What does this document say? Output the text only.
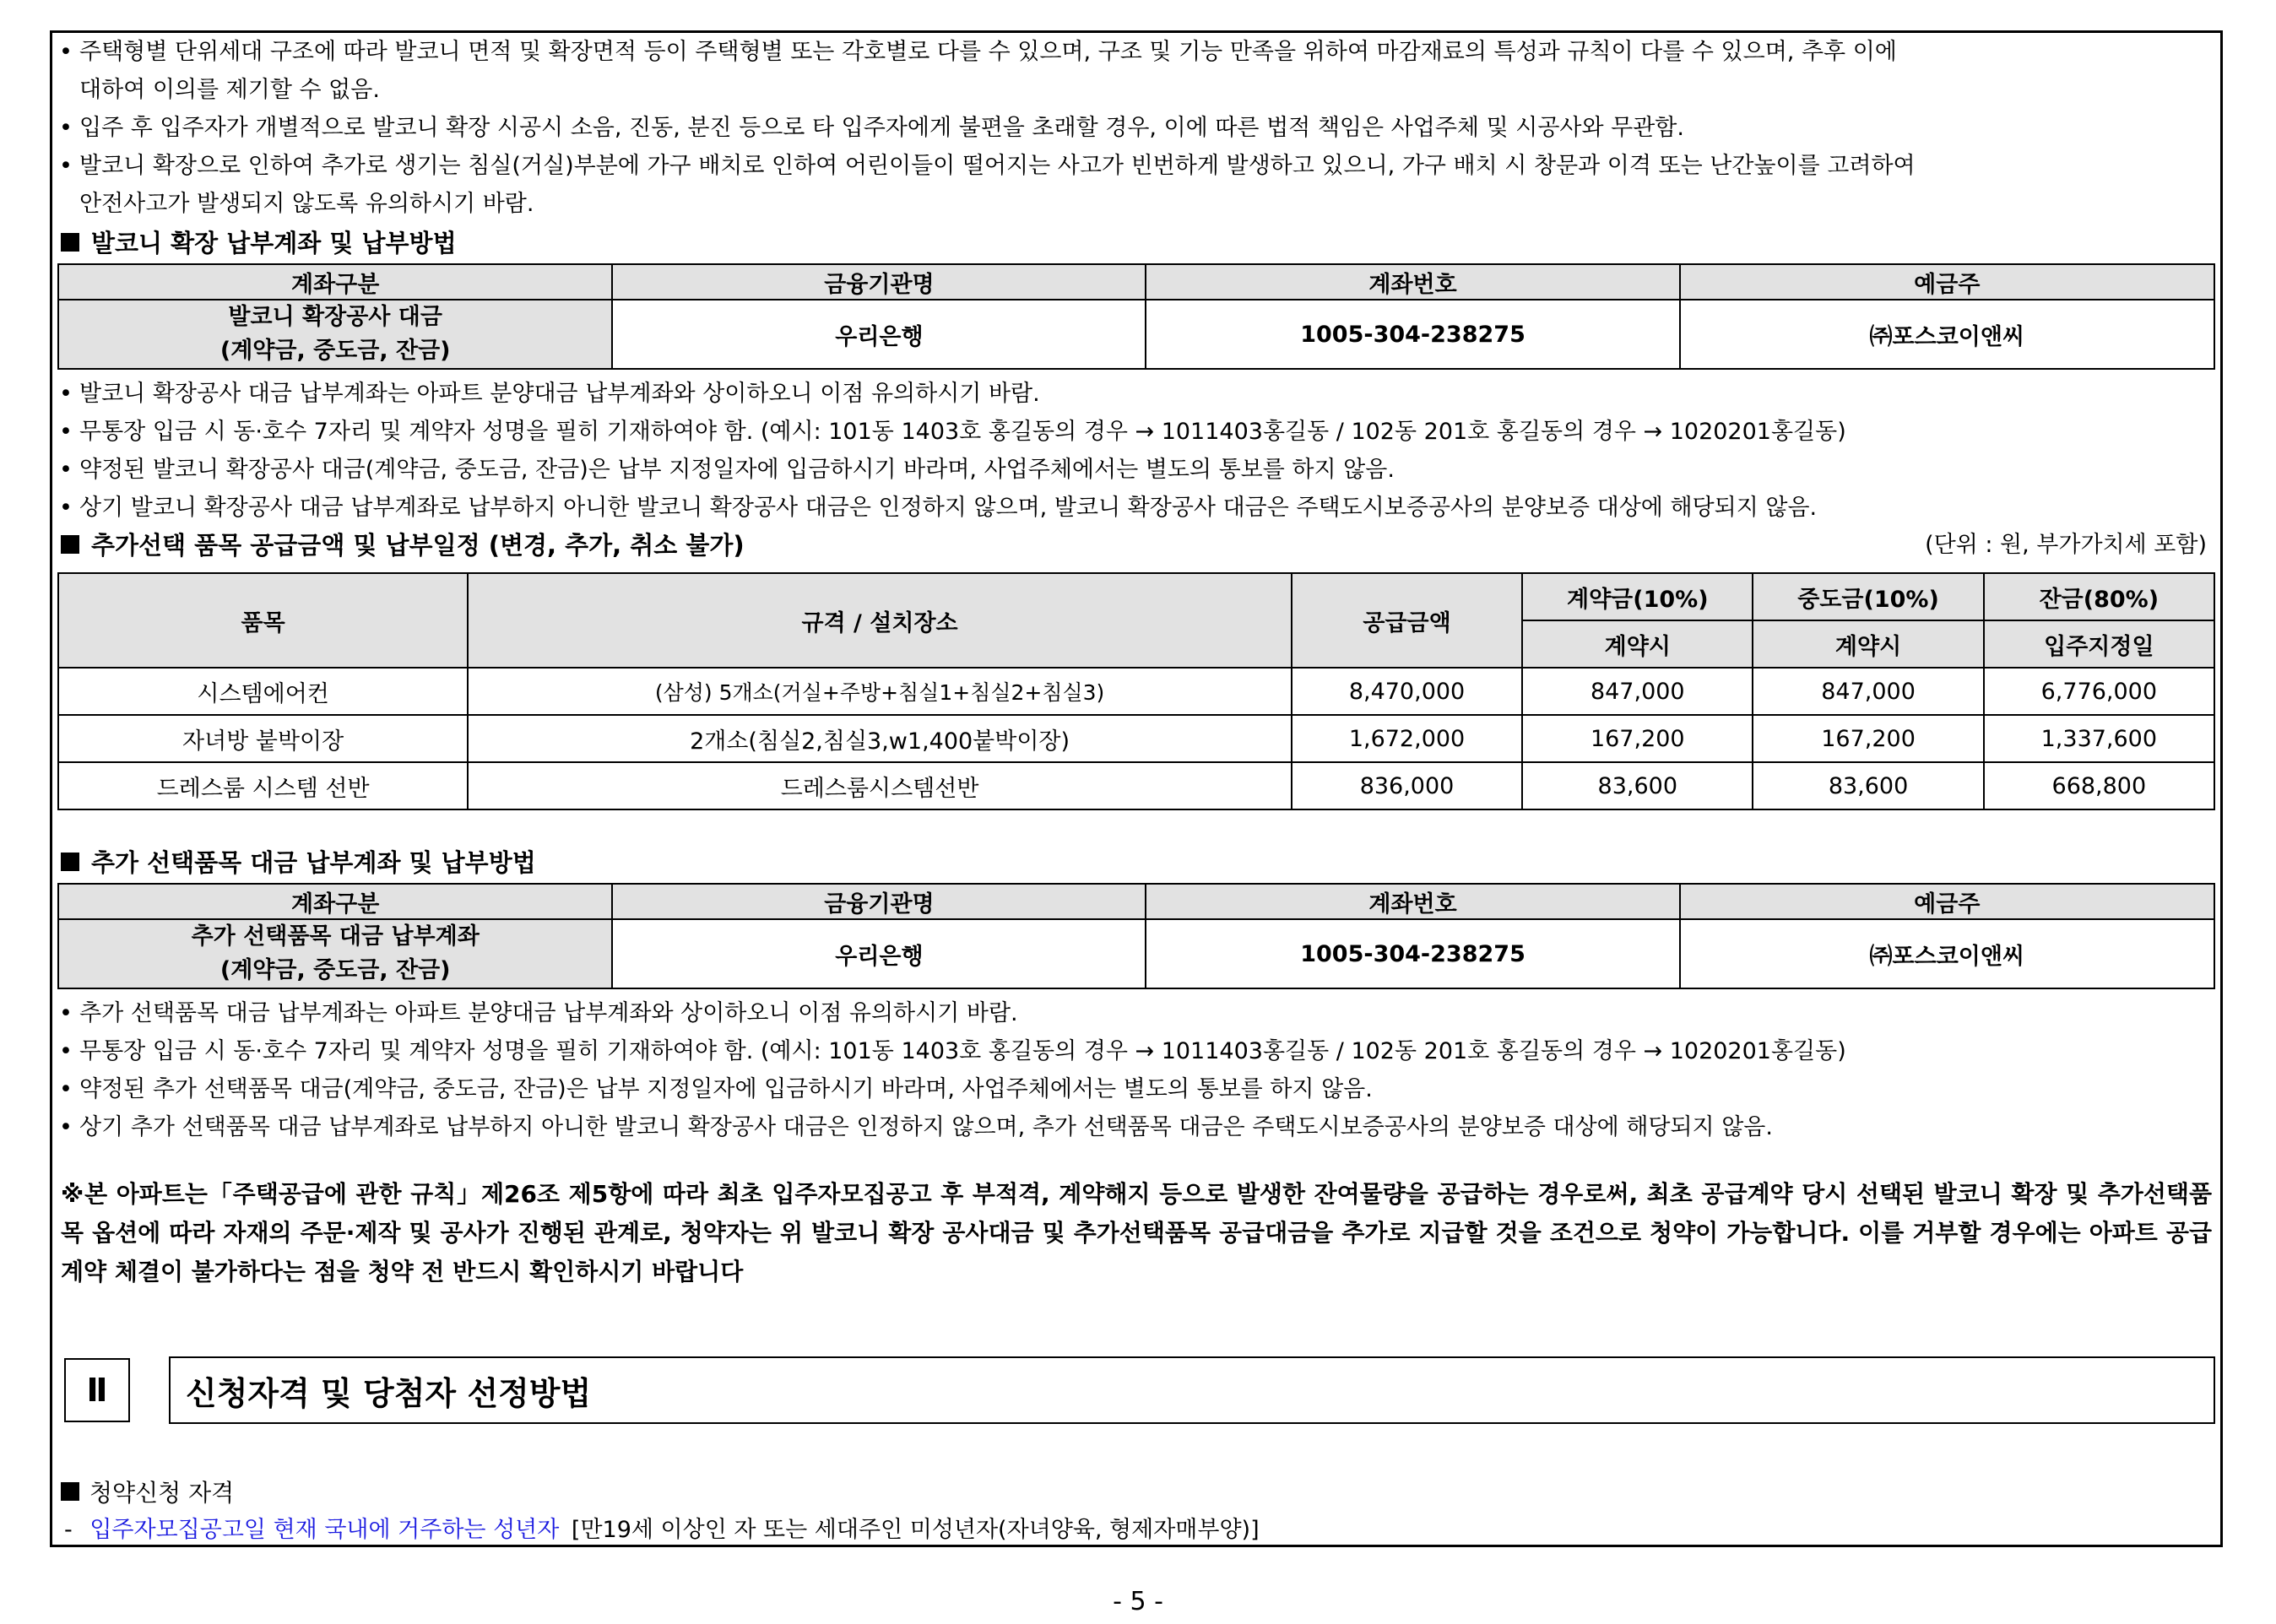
• 주택형별 단위세대 구조에 따라 발코니 면적 및 확장면적 등이 주택형별 또는 각호별로 다를 수 있으며, 구조 및 기능 만족을 위하여 마감재료의 특성과 규칙이 다를 수 있으며, 추후 이에
대하여 이의를 제기할 수 없음.
• 입주 후 입주자가 개별적으로 발코니 확장 시공시 소음, 진동, 분진 등으로 타 입주자에게 불편을 초래할 경우, 이에 따른 법적 책임은 사업주체 및 시공사와 무관함.
• 발코니 확장으로 인하여 추가로 생기는 침실(거실)부분에 가구 배치로 인하여 어린이들이 떨어지는 사고가 빈번하게 발생하고 있으니, 가구 배치 시 창문과 이격 또는 난간높이를 고려하여
안전사고가 발생되지 않도록 유의하시기 바람.
발코니 확장 납부계좌 및 납부방법
계좌구분	금융기관명	계좌번호	예금주

발코니 확장공사 대금
(계약금, 중도금, 잔금)	우리은행	1005-304-238275	㈜포스코이앤씨
• 발코니 확장공사 대금 납부계좌는 아파트 분양대금 납부계좌와 상이하오니 이점 유의하시기 바람.
• 무통장 입금 시 동·호수 7자리 및 계약자 성명을 필히 기재하여야 함. (예시: 101동 1403호 홍길동의 경우 → 1011403홍길동 / 102동 201호 홍길동의 경우 → 1020201홍길동)
• 약정된 발코니 확장공사 대금(계약금, 중도금, 잔금)은 납부 지정일자에 입금하시기 바라며, 사업주체에서는 별도의 통보를 하지 않음.
• 상기 발코니 확장공사 대금 납부계좌로 납부하지 아니한 발코니 확장공사 대금은 인정하지 않으며, 발코니 확장공사 대금은 주택도시보증공사의 분양보증 대상에 해당되지 않음.
추가선택 품목 공급금액 및 납부일정 (변경, 추가, 취소 불가)	(단위 : 원, 부가가치세 포함)
품목	규격 / 설치장소	공급금액	계약금(10%)	중도금(10%)	잔금(80%)
			계약시	계약시	입주지정일
시스템에어컨	(삼성) 5개소(거실+주방+침실1+침실2+침실3)	8,470,000	847,000	847,000	6,776,000
자녀방 붙박이장	2개소(침실2,침실3,w1,400붙박이장)	1,672,000	167,200	167,200	1,337,600
드레스룸 시스템 선반	드레스룸시스템선반	836,000	83,600	83,600	668,800
추가 선택품목 대금 납부계좌 및 납부방법
계좌구분	금융기관명	계좌번호	예금주

추가 선택품목 대금 납부계좌
(계약금, 중도금, 잔금)	우리은행	1005-304-238275	㈜포스코이앤씨
• 추가 선택품목 대금 납부계좌는 아파트 분양대금 납부계좌와 상이하오니 이점 유의하시기 바람.
• 무통장 입금 시 동·호수 7자리 및 계약자 성명을 필히 기재하여야 함. (예시: 101동 1403호 홍길동의 경우 → 1011403홍길동 / 102동 201호 홍길동의 경우 → 1020201홍길동)
• 약정된 추가 선택품목 대금(계약금, 중도금, 잔금)은 납부 지정일자에 입금하시기 바라며, 사업주체에서는 별도의 통보를 하지 않음.
• 상기 추가 선택품목 대금 납부계좌로 납부하지 아니한 발코니 확장공사 대금은 인정하지 않으며, 추가 선택품목 대금은 주택도시보증공사의 분양보증 대상에 해당되지 않음.
※본 아파트는「주택공급에 관한 규칙」제26조 제5항에 따라 최초 입주자모집공고 후 부적격, 계약해지 등으로 발생한 잔여물량을 공급하는 경우로써, 최초 공급계약 당시 선택된 발코니 확장 및 추가선택품목 옵션에 따라 자재의 주문·제작 및 공사가 진행된 관계로, 청약자는 위 발코니 확장 공사대금 및 추가선택품목 공급대금을 추가로 지급할 것을 조건으로 청약이 가능합니다. 이를 거부할 경우에는 아파트 공급계약 체결이 불가하다는 점을 청약 전 반드시 확인하시기 바랍니다
Ⅱ	신청자격 및 당첨자 선정방법
청약신청 자격
- 입주자모집공고일 현재 국내에 거주하는 성년자 [만19세 이상인 자 또는 세대주인 미성년자(자녀양육, 형제자매부양)]
- 5 -
